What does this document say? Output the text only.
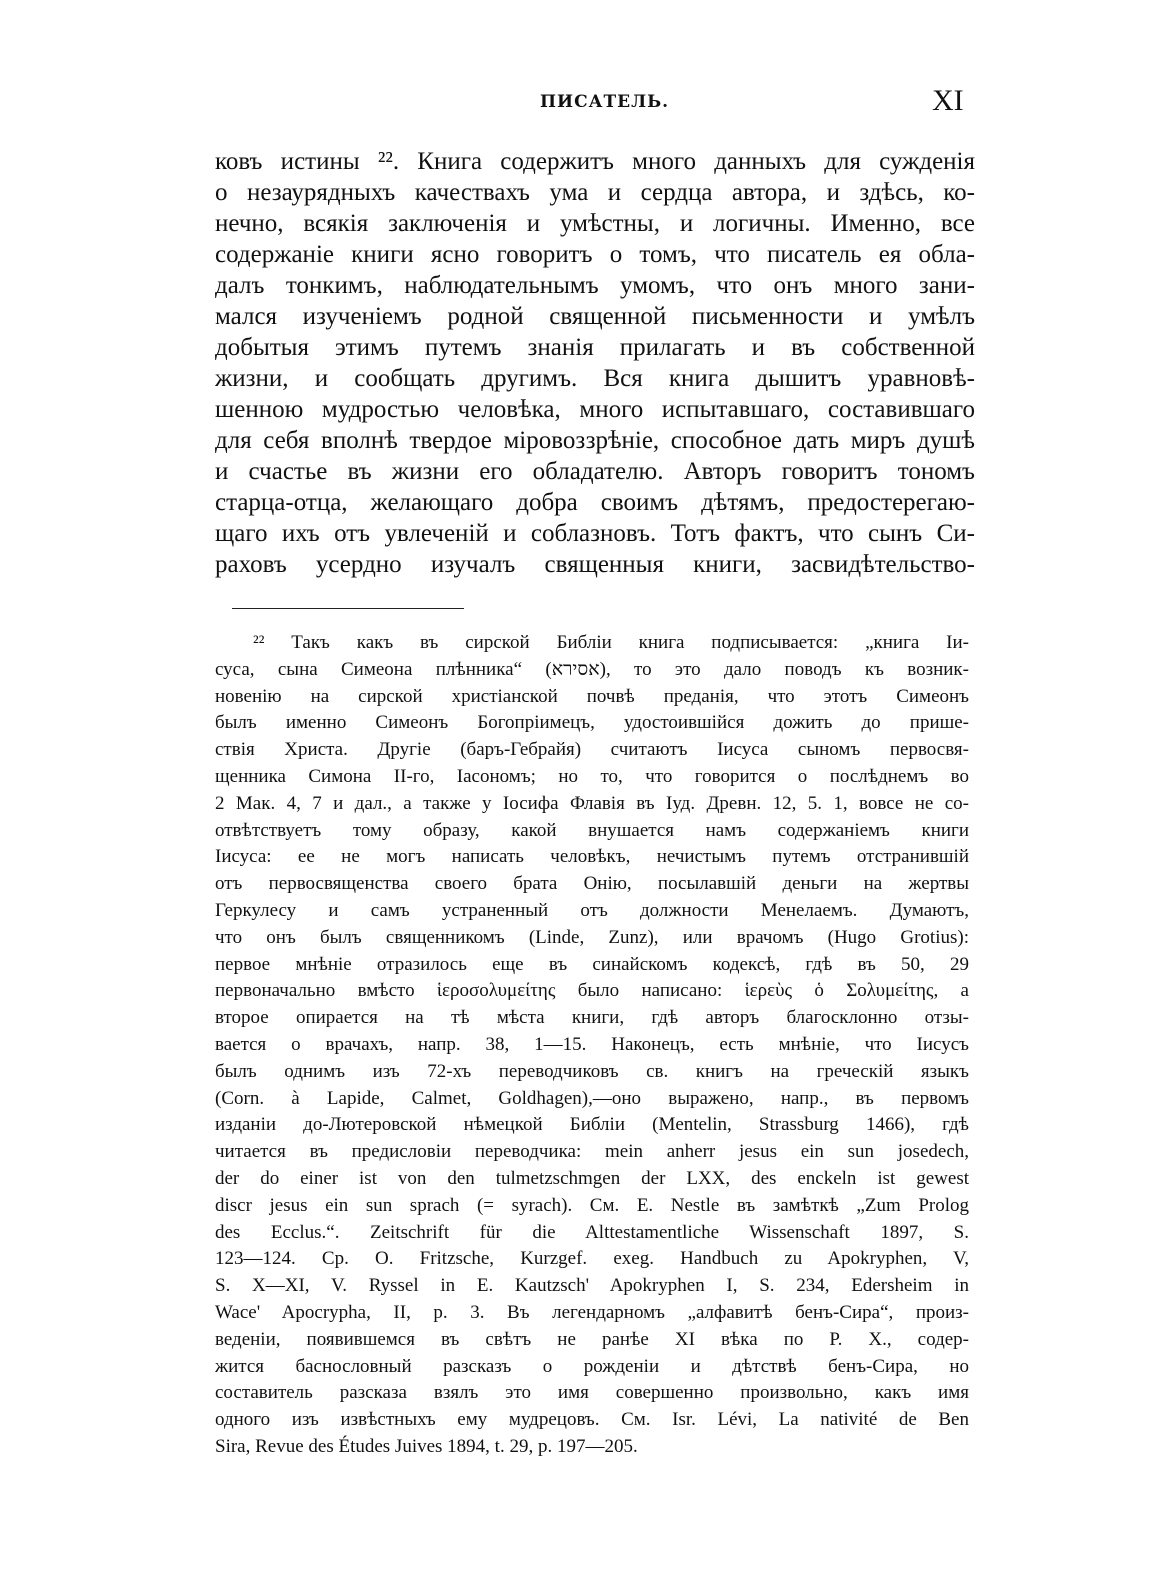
ПИСАТЕЛЬ.	XI
ковъ истины ²². Книга содержитъ много данныхъ для сужденія
о незаурядныхъ качествахъ ума и сердца автора, и здѣсь, ко-
нечно, всякія заключенія и умѣстны, и логичны. Именно, все
содержаніе книги ясно говоритъ о томъ, что писатель ея обла-
далъ тонкимъ, наблюдательнымъ умомъ, что онъ много зани-
мался изученіемъ родной священной письменности и умѣлъ
добытыя этимъ путемъ знанія прилагать и въ собственной
жизни, и сообщать другимъ. Вся книга дышитъ уравновѣ-
шенною мудростью человѣка, много испытавшаго, составившаго
для себя вполнѣ твердое міровоззрѣніе, способное дать миръ душѣ
и счастье въ жизни его обладателю. Авторъ говоритъ тономъ
старца-отца, желающаго добра своимъ дѣтямъ, предостерегаю-
щаго ихъ отъ увлеченій и соблазновъ. Тотъ фактъ, что сынъ Си-
раховъ усердно изучалъ священныя книги, засвидѣтельство-
²² Такъ какъ въ сирской Библіи книга подписывается: „книга Іи-
суса, сына Симеона плѣнника“ (אסירא), то это дало поводъ къ возник-
новенію на сирской христіанской почвѣ преданія, что этотъ Симеонъ
былъ именно Симеонъ Богопріимецъ, удостоившійся дожить до прише-
ствія Христа. Другіе (баръ-Гебрайя) считаютъ Іисуса сыномъ первосвя-
щенника Симона II-го, Іасономъ; но то, что говорится о послѣднемъ во
2 Мак. 4, 7 и дал., а также у Іосифа Флавія въ Іуд. Древн. 12, 5. 1, вовсе не со-
отвѣтствуетъ тому образу, какой внушается намъ содержаніемъ книги
Іисуса: ее не могъ написать человѣкъ, нечистымъ путемъ отстранившій
отъ первосвященства своего брата Онію, посылавшій деньги на жертвы
Геркулесу и самъ устраненный отъ должности Менелаемъ. Думаютъ,
что онъ былъ священникомъ (Linde, Zunz), или врачомъ (Hugo Grotius):
первое мнѣніе отразилось еще въ синайскомъ кодексѣ, гдѣ въ 50, 29
первоначально вмѣсто ἱεροσολυμείτης было написано: ἱερεὺς ὁ Σολυμείτης, а
второе опирается на тѣ мѣста книги, гдѣ авторъ благосклонно отзы-
вается о врачахъ, напр. 38, 1—15. Наконецъ, есть мнѣніе, что Іисусъ
былъ однимъ изъ 72-хъ переводчиковъ св. книгъ на греческій языкъ
(Corn. à Lapide, Calmet, Goldhagen),—оно выражено, напр., въ первомъ
изданіи до-Лютеровской нѣмецкой Библіи (Mentelin, Strassburg 1466), гдѣ
читается въ предисловіи переводчика: mein anherr jesus ein sun josedech,
der do einer ist von den tulmetzschmgen der LXX, des enckeln ist gewest
discr jesus ein sun sprach (= syrach). См. E. Nestle въ замѣткѣ „Zum Prolog
des Ecclus.“. Zeitschrift für die Alttestamentliche Wissenschaft 1897, S.
123—124. Cp. O. Fritzsche, Kurzgef. exeg. Handbuch zu Apokryphen, V,
S. X—XI, V. Ryssel in E. Kautzsch' Apokryphen I, S. 234, Edersheim in
Wace' Apocrypha, II, p. 3. Въ легендарномъ „алфавитѣ бенъ-Сира“, произ-
веденіи, появившемся въ свѣтъ не ранѣе XI вѣка по Р. Х., содер-
жится баснословный разсказъ о рожденіи и дѣтствѣ бенъ-Сира, но
составитель разсказа взялъ это имя совершенно произвольно, какъ имя
одного изъ извѣстныхъ ему мудрецовъ. См. Isr. Lévi, La nativité de Ben
Sira, Revue des Études Juives 1894, t. 29, p. 197—205.
